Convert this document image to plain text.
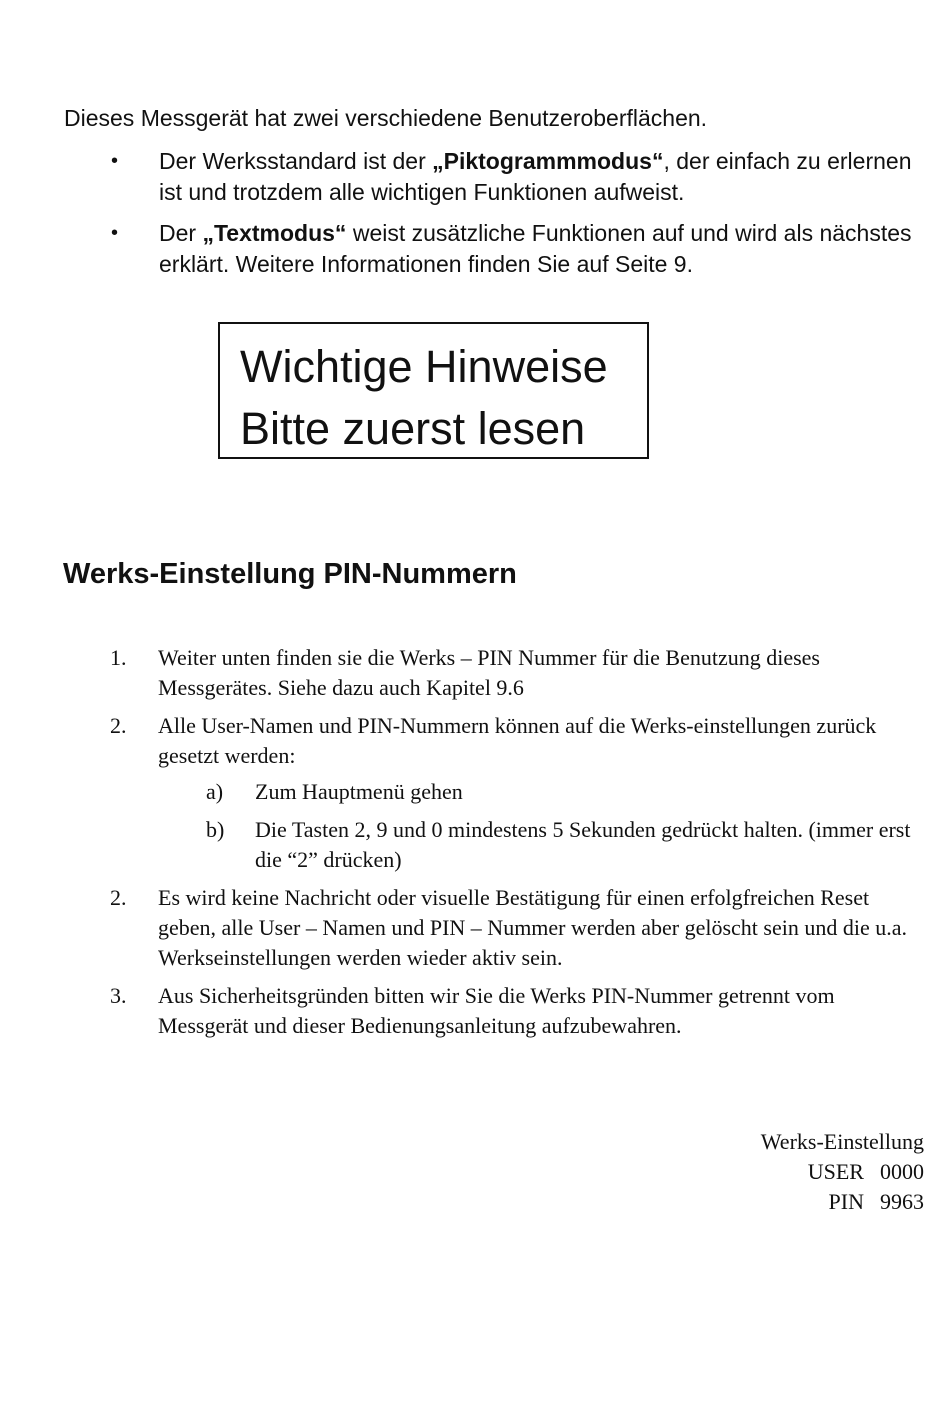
Dieses Messgerät hat zwei verschiedene Benutzeroberflächen.
• Der Werksstandard ist der „Piktogrammmodus“, der einfach zu erlernen ist und trotzdem alle wichtigen Funktionen aufweist.
• Der „Textmodus“ weist zusätzliche Funktionen auf und wird als nächstes erklärt. Weitere Informationen finden Sie auf Seite 9.
Wichtige Hinweise
Bitte zuerst lesen
Werks-Einstellung PIN-Nummern
1. Weiter unten finden sie die Werks – PIN Nummer für die Benutzung dieses Messgerätes. Siehe dazu auch Kapitel 9.6
2. Alle User-Namen und PIN-Nummern können auf die Werks-einstellungen zurück gesetzt werden:
a) Zum Hauptmenü gehen
b) Die Tasten 2, 9 und 0 mindestens 5 Sekunden gedrückt halten. (immer erst die “2” drücken)
2. Es wird keine Nachricht oder visuelle Bestätigung für einen erfolgfreichen Reset geben, alle User – Namen und PIN – Nummer werden aber gelöscht sein und die u.a. Werkseinstellungen werden wieder aktiv sein.
3. Aus Sicherheitsgründen bitten wir Sie die Werks PIN-Nummer getrennt vom Messgerät und dieser Bedienungsanleitung aufzubewahren.
Werks-Einstellung
USER 0000
PIN 9963
